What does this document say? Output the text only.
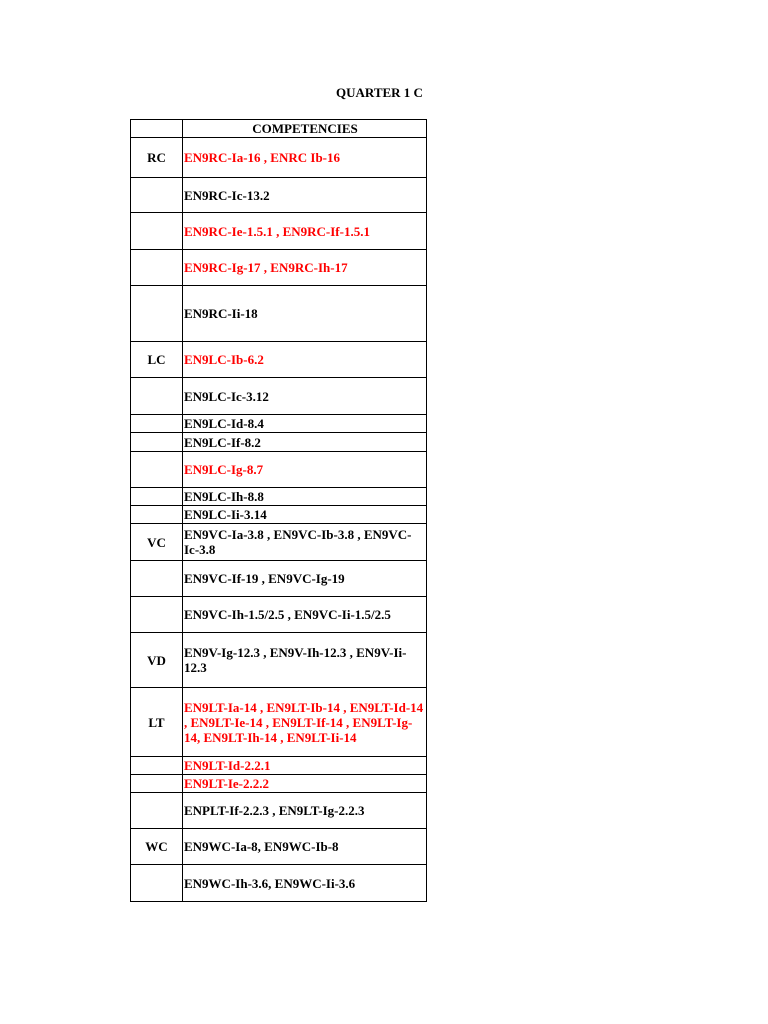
QUARTER 1 C
	COMPETENCIES
RC	EN9RC-Ia-16 , ENRC Ib-16
	EN9RC-Ic-13.2
	EN9RC-Ie-1.5.1 , EN9RC-If-1.5.1
	EN9RC-Ig-17 , EN9RC-Ih-17
	EN9RC-Ii-18
LC	EN9LC-Ib-6.2
	EN9LC-Ic-3.12
	EN9LC-Id-8.4
	EN9LC-If-8.2
	EN9LC-Ig-8.7
	EN9LC-Ih-8.8
	EN9LC-Ii-3.14
VC	EN9VC-Ia-3.8 , EN9VC-Ib-3.8 , EN9VC-Ic-3.8
	EN9VC-If-19 , EN9VC-Ig-19
	EN9VC-Ih-1.5/2.5 , EN9VC-Ii-1.5/2.5
VD	EN9V-Ig-12.3 , EN9V-Ih-12.3 , EN9V-Ii-12.3
LT	EN9LT-Ia-14 , EN9LT-Ib-14 , EN9LT-Id-14 , EN9LT-Ie-14 , EN9LT-If-14 , EN9LT-Ig-14, EN9LT-Ih-14 , EN9LT-Ii-14
	EN9LT-Id-2.2.1
	EN9LT-Ie-2.2.2
	ENPLT-If-2.2.3 , EN9LT-Ig-2.2.3
WC	EN9WC-Ia-8, EN9WC-Ib-8
	EN9WC-Ih-3.6, EN9WC-Ii-3.6
